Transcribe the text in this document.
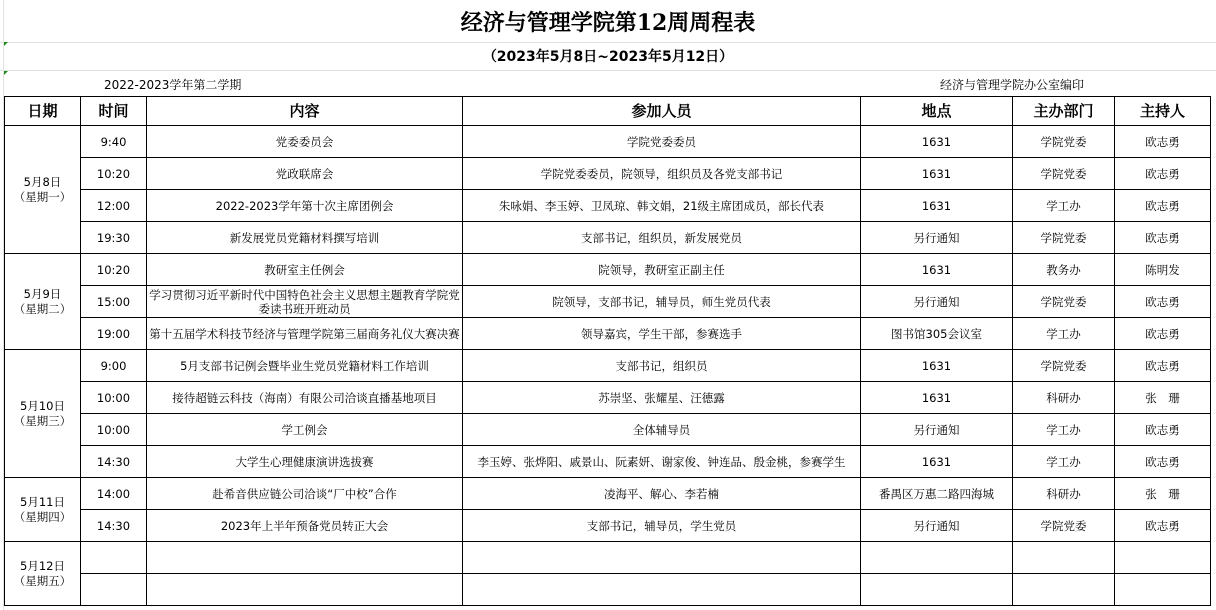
经济与管理学院第12周周程表
（2023年5月8日~2023年5月12日）
2022-2023学年第二学期	经济与管理学院办公室编印
日期	时间	内容	参加人员	地点	主办部门	主持人

5月8日
（星期一）	9:40	党委委员会	学院党委委员	1631	学院党委	欧志勇
	10:20	党政联席会	学院党委委员，院领导，组织员及各党支部书记	1631	学院党委	欧志勇
	12:00	2022-2023学年第十次主席团例会	朱咏娟、李玉婷、卫凤琼、韩文娟，21级主席团成员，部长代表	1631	学工办	欧志勇
	19:30	新发展党员党籍材料撰写培训	支部书记，组织员，新发展党员	另行通知	学院党委	欧志勇

5月9日
（星期二）	10:20	教研室主任例会	院领导，教研室正副主任	1631	教务办	陈明发
	15:00	学习贯彻习近平新时代中国特色社会主义思想主题教育学院党委读书班开班动员	院领导，支部书记，辅导员，师生党员代表	另行通知	学院党委	欧志勇
	19:00	第十五届学术科技节经济与管理学院第三届商务礼仪大赛决赛	领导嘉宾，学生干部，参赛选手	图书馆305会议室	学工办	欧志勇

5月10日
（星期三）	9:00	5月支部书记例会暨毕业生党员党籍材料工作培训	支部书记，组织员	1631	学院党委	欧志勇
	10:00	接待超链云科技（海南）有限公司洽谈直播基地项目	苏崇坚、张耀星、汪德露	1631	科研办	张　珊
	10:00	学工例会	全体辅导员	另行通知	学工办	欧志勇
	14:30	大学生心理健康演讲选拔赛	李玉婷、张烨阳、戚景山、阮素妍、谢家俊、钟连品、殷金桃，参赛学生	1631	学工办	欧志勇

5月11日
（星期四）	14:00	赴希音供应链公司洽谈“厂中校”合作	凌海平、解心、李若楠	番禺区万惠二路四海城	科研办	张　珊
	14:30	2023年上半年预备党员转正大会	支部书记，辅导员，学生党员	另行通知	学院党委	欧志勇

5月12日
（星期五）						
